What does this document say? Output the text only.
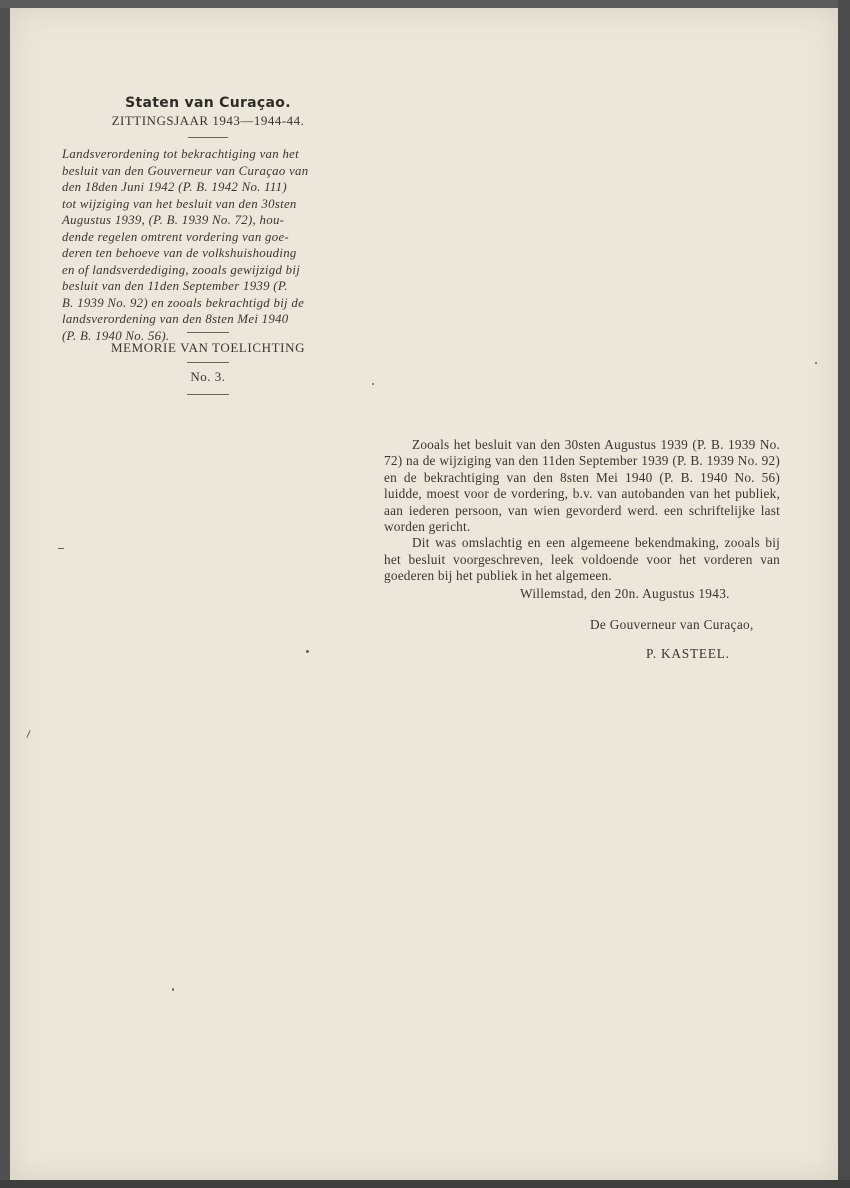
Staten van Curaçao.
ZITTINGSJAAR 1943—1944-44.
Landsverordening tot bekrachtiging van het
besluit van den Gouverneur van Curaçao van
den 18den Juni 1942 (P. B. 1942 No. 111)
tot wijziging van het besluit van den 30sten
Augustus 1939, (P. B. 1939 No. 72), hou-
dende regelen omtrent vordering van goe-
deren ten behoeve van de volkshuishouding
en of landsverdediging, zooals gewijzigd bij
besluit van den 11den September 1939 (P.
B. 1939 No. 92) en zooals bekrachtigd bij de
landsverordening van den 8sten Mei 1940
(P. B. 1940 No. 56).
MEMORIE VAN TOELICHTING
No. 3.

Zooals het besluit van den 30sten Augustus 1939 (P. B. 1939 No. 72) na de wijziging van den 11den September 1939 (P. B. 1939 No. 92) en de bekrachtiging van den 8sten Mei 1940 (P. B. 1940 No. 56) luidde, moest voor de vordering, b.v. van autobanden van het publiek, aan iederen persoon, van wien gevorderd werd. een schriftelijke last worden gericht.

Dit was omslachtig en een algemeene bekendmaking, zooals bij het besluit voorgeschreven, leek voldoende voor het vorderen van goederen bij het publiek in het algemeen.

Willemstad, den 20n. Augustus 1943.
De Gouverneur van Curaçao,
P. KASTEEL.
